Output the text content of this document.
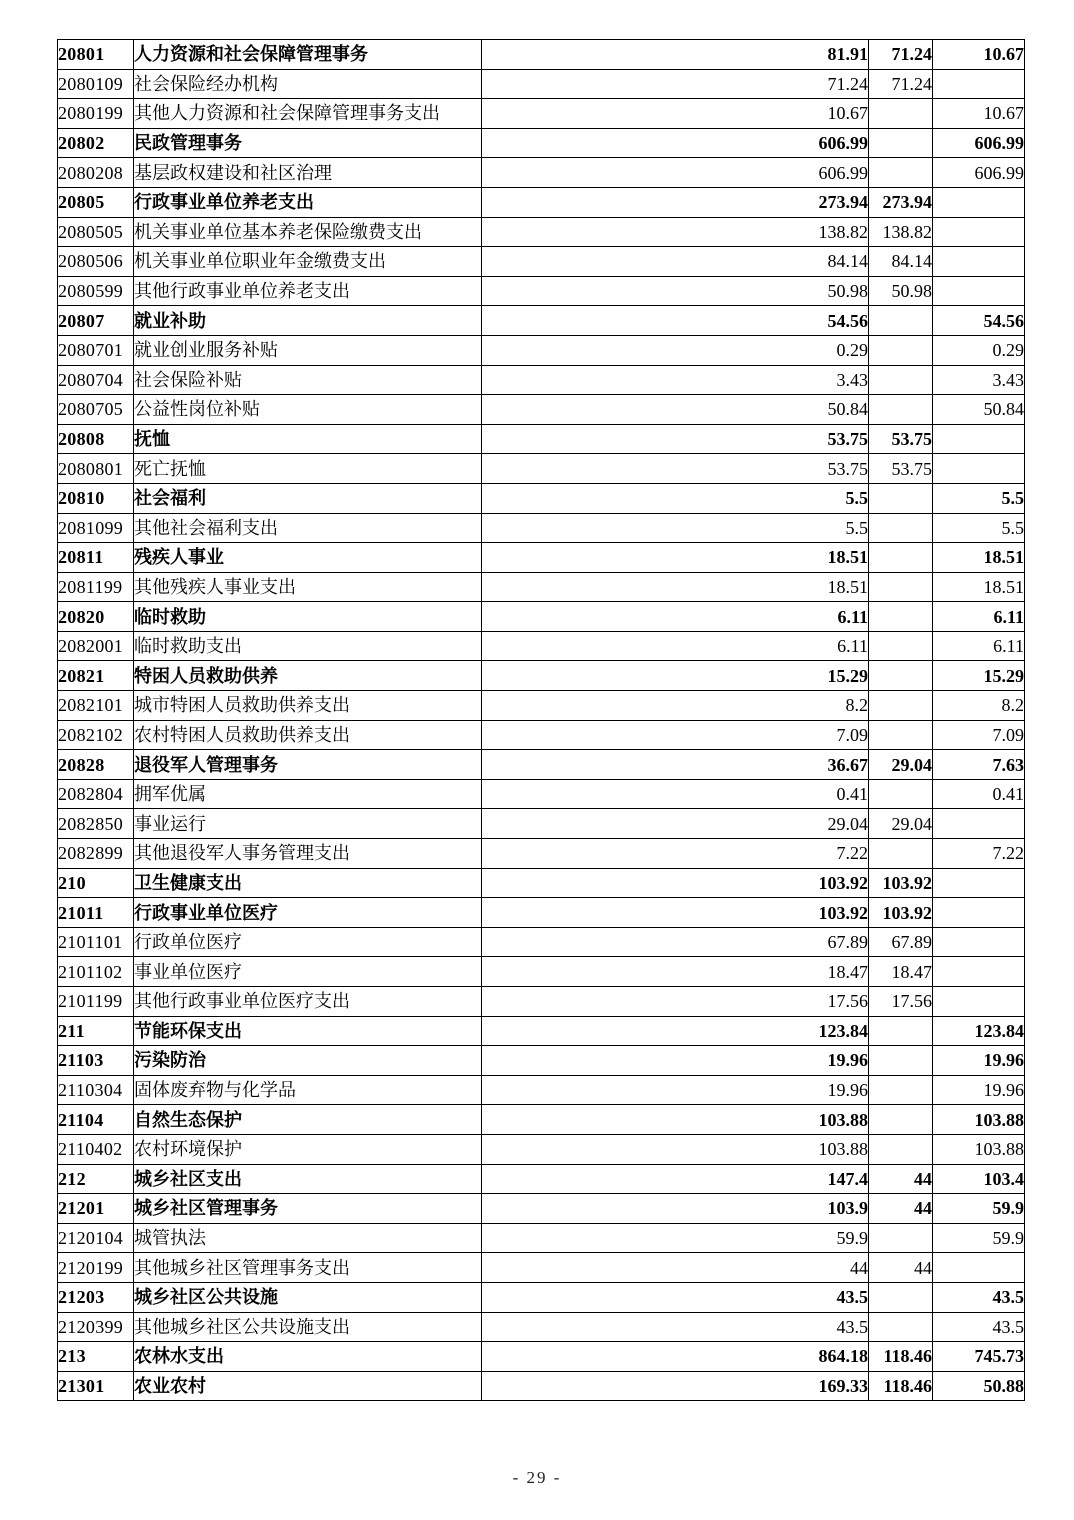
20801	人力资源和社会保障管理事务	81.91	71.24	10.67
2080109	社会保险经办机构	71.24	71.24	
2080199	其他人力资源和社会保障管理事务支出	10.67		10.67
20802	民政管理事务	606.99		606.99
2080208	基层政权建设和社区治理	606.99		606.99
20805	行政事业单位养老支出	273.94	273.94	
2080505	机关事业单位基本养老保险缴费支出	138.82	138.82	
2080506	机关事业单位职业年金缴费支出	84.14	84.14	
2080599	其他行政事业单位养老支出	50.98	50.98	
20807	就业补助	54.56		54.56
2080701	就业创业服务补贴	0.29		0.29
2080704	社会保险补贴	3.43		3.43
2080705	公益性岗位补贴	50.84		50.84
20808	抚恤	53.75	53.75	
2080801	死亡抚恤	53.75	53.75	
20810	社会福利	5.5		5.5
2081099	其他社会福利支出	5.5		5.5
20811	残疾人事业	18.51		18.51
2081199	其他残疾人事业支出	18.51		18.51
20820	临时救助	6.11		6.11
2082001	临时救助支出	6.11		6.11
20821	特困人员救助供养	15.29		15.29
2082101	城市特困人员救助供养支出	8.2		8.2
2082102	农村特困人员救助供养支出	7.09		7.09
20828	退役军人管理事务	36.67	29.04	7.63
2082804	拥军优属	0.41		0.41
2082850	事业运行	29.04	29.04	
2082899	其他退役军人事务管理支出	7.22		7.22
210	卫生健康支出	103.92	103.92	
21011	行政事业单位医疗	103.92	103.92	
2101101	行政单位医疗	67.89	67.89	
2101102	事业单位医疗	18.47	18.47	
2101199	其他行政事业单位医疗支出	17.56	17.56	
211	节能环保支出	123.84		123.84
21103	污染防治	19.96		19.96
2110304	固体废弃物与化学品	19.96		19.96
21104	自然生态保护	103.88		103.88
2110402	农村环境保护	103.88		103.88
212	城乡社区支出	147.4	44	103.4
21201	城乡社区管理事务	103.9	44	59.9
2120104	城管执法	59.9		59.9
2120199	其他城乡社区管理事务支出	44	44	
21203	城乡社区公共设施	43.5		43.5
2120399	其他城乡社区公共设施支出	43.5		43.5
213	农林水支出	864.18	118.46	745.73
21301	农业农村	169.33	118.46	50.88
- 29 -
